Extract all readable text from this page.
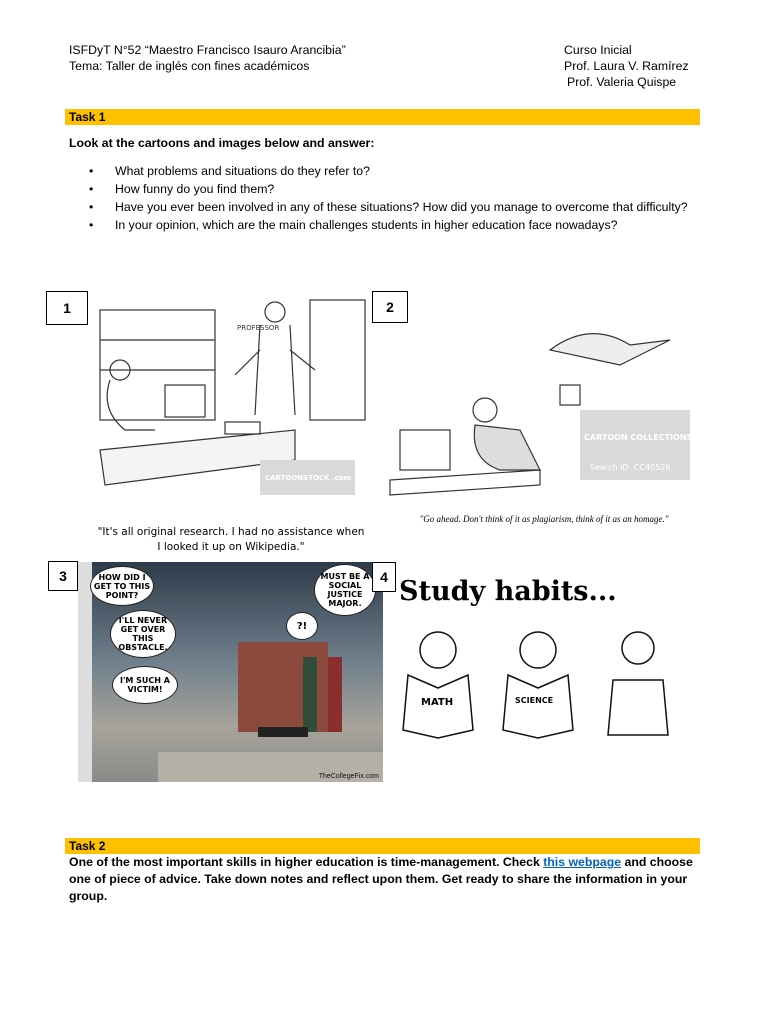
ISFDyT N°52 “Maestro Francisco Isauro Arancibia”
Tema: Taller de inglés con fines académicos
Curso Inicial
Prof. Laura V. Ramírez
Prof. Valeria Quispe
Task 1
Look at the cartoons and images below and answer:
• What problems and situations do they refer to?
• How funny do you find them?
• Have you ever been involved in any of these situations? How did you manage to overcome that difficulty?
• In your opinion, which are the main challenges students in higher education face nowadays?
PROFESSOR
CARTOONSTOCK .com
"It's all original research. I had no assistance when I looked it up on Wikipedia."
1
CARTOON COLLECTIONS .com
Search ID: CC40526
"Go ahead. Don't think of it as plagiarism, think of it as an homage."
2
HOW DID I GET TO THIS POINT?
I'LL NEVER GET OVER THIS OBSTACLE.
I'M SUCH A VICTIM!
MUST BE A SOCIAL JUSTICE MAJOR.
?!
TheCollegeFix.com
3	Study habits...
MATH	SCIENCE
4
Task 2

One of the most important skills in higher education is time-management. Check this webpage and choose one of piece of advice. Take down notes and reflect upon them. Get ready to share the information in your group.
